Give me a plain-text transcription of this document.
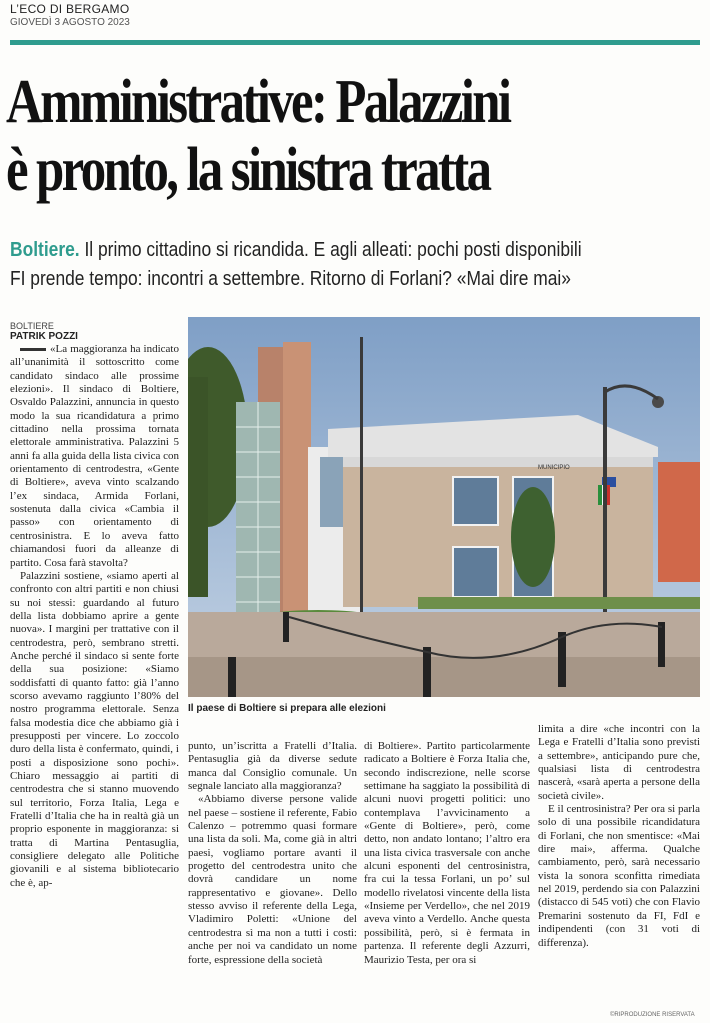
L’ECO DI BERGAMO
GIOVEDÌ 3 AGOSTO 2023
Amministrative: Palazzini
è pronto, la sinistra tratta
Boltiere. Il primo cittadino si ricandida. E agli alleati: pochi posti disponibili
FI prende tempo: incontri a settembre. Ritorno di Forlani? «Mai dire mai»
BOLTIERE
PATRIK POZZI
MUNICIPIO
Il paese di Boltiere si prepara alle elezioni

«La maggioranza ha indicato all’unanimità il sottoscritto come candidato sindaco alle prossime elezioni». Il sindaco di Boltiere, Osvaldo Palazzini, annuncia in questo modo la sua ricandidatura a primo cittadino nella prossima tornata elettorale amministrativa. Palazzini 5 anni fa alla guida della lista civica con orientamento di centrodestra, «Gente di Boltiere», aveva vinto scalzando l’ex sindaca, Armida Forlani, sostenuta dalla civica «Cambia il passo» con orientamento di centrosinistra. E lo aveva fatto chiamandosi fuori da alleanze di partito. Cosa farà stavolta?

Palazzini sostiene, «siamo aperti al confronto con altri partiti e non chiusi su noi stessi: guardando al futuro della lista dobbiamo aprire a gente nuova». I margini per trattative con il centrodestra, però, sembrano stretti. Anche perché il sindaco si sente forte della sua posizione: «Siamo soddisfatti di quanto fatto: già l’anno scorso avevamo raggiunto l’80% del nostro programma elettorale. Senza falsa modestia dice che abbiamo già i presupposti per vincere. Lo zoccolo duro della lista è confermato, quindi, i posti a disposizione sono pochi». Chiaro messaggio ai partiti di centrodestra che si stanno muovendo sul territorio, Forza Italia, Lega e Fratelli d’Italia che ha in realtà già un proprio esponente in maggioranza: si tratta di Martina Pentasuglia, consigliere delegato alle Politiche giovanili e al sistema bibliotecario che è, ap-

punto, un’iscritta a Fratelli d’Italia. Pentasuglia già da diverse sedute manca dal Consiglio comunale. Un segnale lanciato alla maggioranza?

«Abbiamo diverse persone valide nel paese – sostiene il referente, Fabio Calenzo – potremmo quasi formare una lista da soli. Ma, come già in altri paesi, vogliamo portare avanti il progetto del centrodestra unito che dovrà candidare un nome rappresentativo e giovane». Dello stesso avviso il referente della Lega, Vladimiro Poletti: «Unione del centrodestra sì ma non a tutti i costi: anche per noi va candidato un nome forte, espressione della società

di Boltiere». Partito particolarmente radicato a Boltiere è Forza Italia che, secondo indiscrezione, nelle scorse settimane ha saggiato la possibilità di alcuni nuovi progetti politici: uno contemplava l’avvicinamento a «Gente di Boltiere», però, come detto, non andato lontano; l’altro era una lista civica trasversale con anche alcuni esponenti del centrosinistra, fra cui la tessa Forlani, un po’ sul modello rivelatosi vincente della lista «Insieme per Verdello», che nel 2019 aveva vinto a Verdello. Anche questa possibilità, però, si è fermata in partenza. Il referente degli Azzurri, Maurizio Testa, per ora si

limita a dire «che incontri con la Lega e Fratelli d’Italia sono previsti a settembre», anticipando pure che, qualsiasi lista di centrodestra nascerà, «sarà aperta a persone della società civile».

E il centrosinistra? Per ora si parla solo di una possibile ricandidatura di Forlani, che non smentisce: «Mai dire mai», afferma. Qualche cambiamento, però, sarà necessario vista la sonora sconfitta rimediata nel 2019, perdendo sia con Palazzini (distacco di 545 voti) che con Flavio Premarini sostenuto da FI, FdI e indipendenti (con 31 voti di differenza).

©RIPRODUZIONE RISERVATA
